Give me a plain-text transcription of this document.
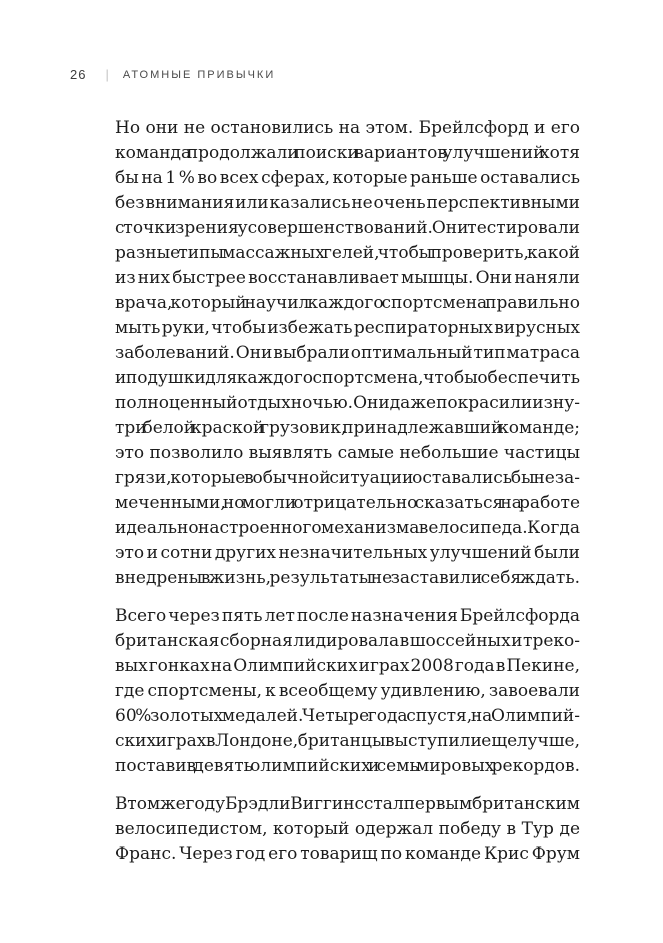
26 | АТОМНЫЕ ПРИВЫЧКИ

Но они не остановились на этом. Брейлсфорд и его
команда продолжали поиски вариантов улучшений хотя
бы на 1 % во всех сферах, которые раньше оставались
без внимания или казались не очень перспективными
с точки зрения усовершенствований. Они тестировали
разные типы массажных гелей, чтобы проверить, какой
из них быстрее восстанавливает мышцы. Они наняли
врача, который научил каждого спортсмена правильно
мыть руки, чтобы избежать респираторных вирусных
заболеваний. Они выбрали оптимальный тип матраса
и подушки для каждого спортсмена, чтобы обеспечить
полноценный отдых ночью. Они даже покрасили изну-
три белой краской грузовик, принадлежавший команде;
это позволило выявлять самые небольшие частицы
грязи, которые в обычной ситуации оставались бы неза-
меченными, но могли отрицательно сказаться на работе
идеально настроенного механизма велосипеда. Когда
это и сотни других незначительных улучшений были
внедрены в жизнь, результаты не заставили себя ждать.

Всего через пять лет после назначения Брейлсфорда
британская сборная лидировала в шоссейных и треко-
вых гонках на Олимпийских играх 2008 года в Пекине,
где спортсмены, к всеобщему удивлению, завоевали
60 % золотых медалей. Четыре года спустя, на Олимпий-
ских играх в Лондоне, британцы выступили еще лучше,
поставив девять олимпийских и семь мировых рекордов.

В том же году Брэдли Виггинс стал первым британским
велосипедистом, который одержал победу в Тур де
Франс. Через год его товарищ по команде Крис Фрум
